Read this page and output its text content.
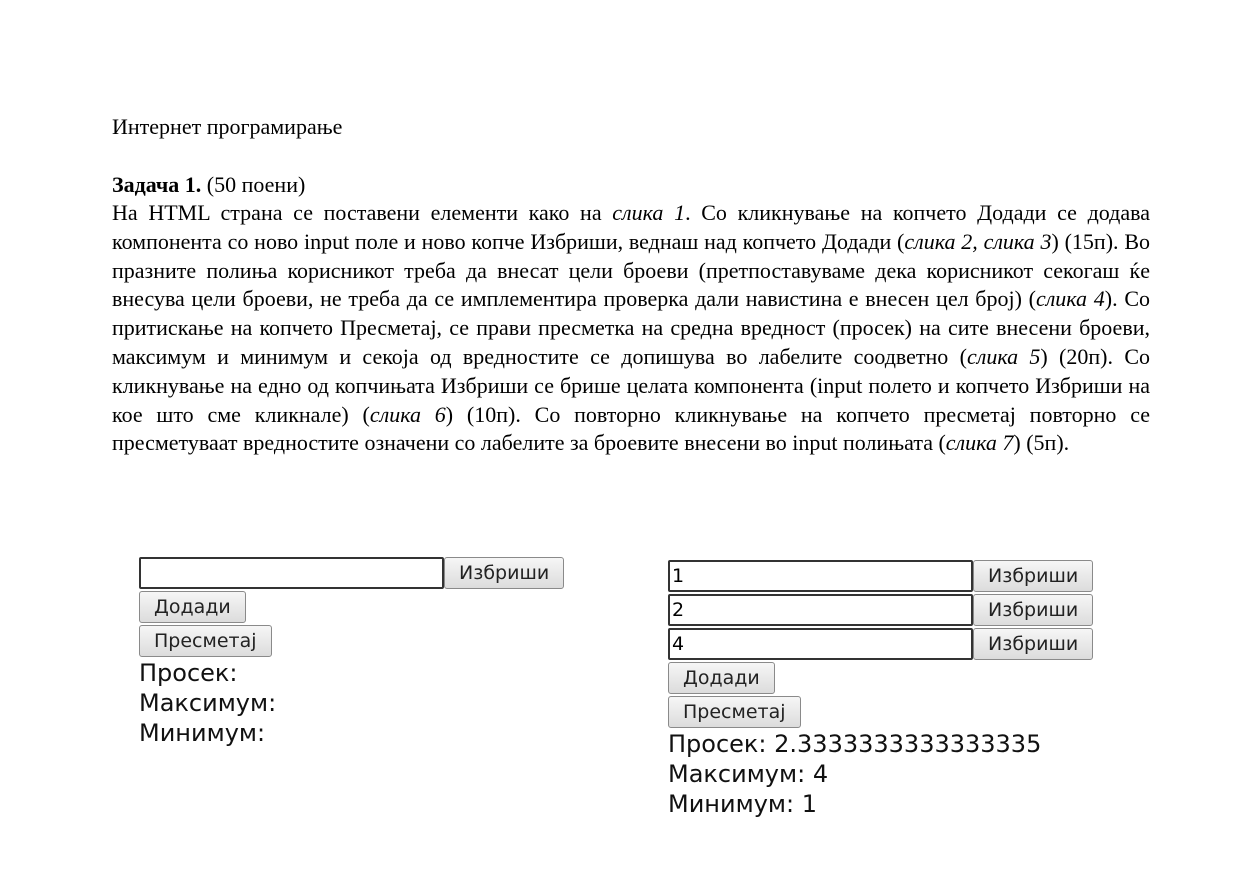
Интернет програмирање

Задача 1. (50 поени)

На HTML страна се поставени елементи како на слика 1. Со кликнување на копчето Додади се додава компонента со ново input поле и ново копче Избриши, веднаш над копчето Додади (слика 2, слика 3) (15п). Во празните полиња корисникот треба да внесат цели броеви (претпоставуваме дека корисникот секогаш ќе внесува цели броеви, не треба да се имплементира проверка дали навистина е внесен цел број) (слика 4). Со притискање на копчето Пресметај, се прави пресметка на средна вредност (просек) на сите внесени броеви, максимум и минимум и секоја од вредностите се допишува во лабелите соодветно (слика 5) (20п). Со кликнување на едно од копчињата Избриши се брише целата компонента (input полето и копчето Избриши на кое што сме кликнале) (слика 6) (10п). Со повторно кликнување на копчето пресметај повторно се пресметуваат вредностите означени со лабелите за броевите внесени во input полињата (слика 7) (5п).

Избриши
Додади
Пресметај
Просек:
Максимум:
Минимум:
1
Избриши
2
Избриши
4
Избриши
Додади
Пресметај
Просек: 2.3333333333333335
Максимум: 4
Минимум: 1
